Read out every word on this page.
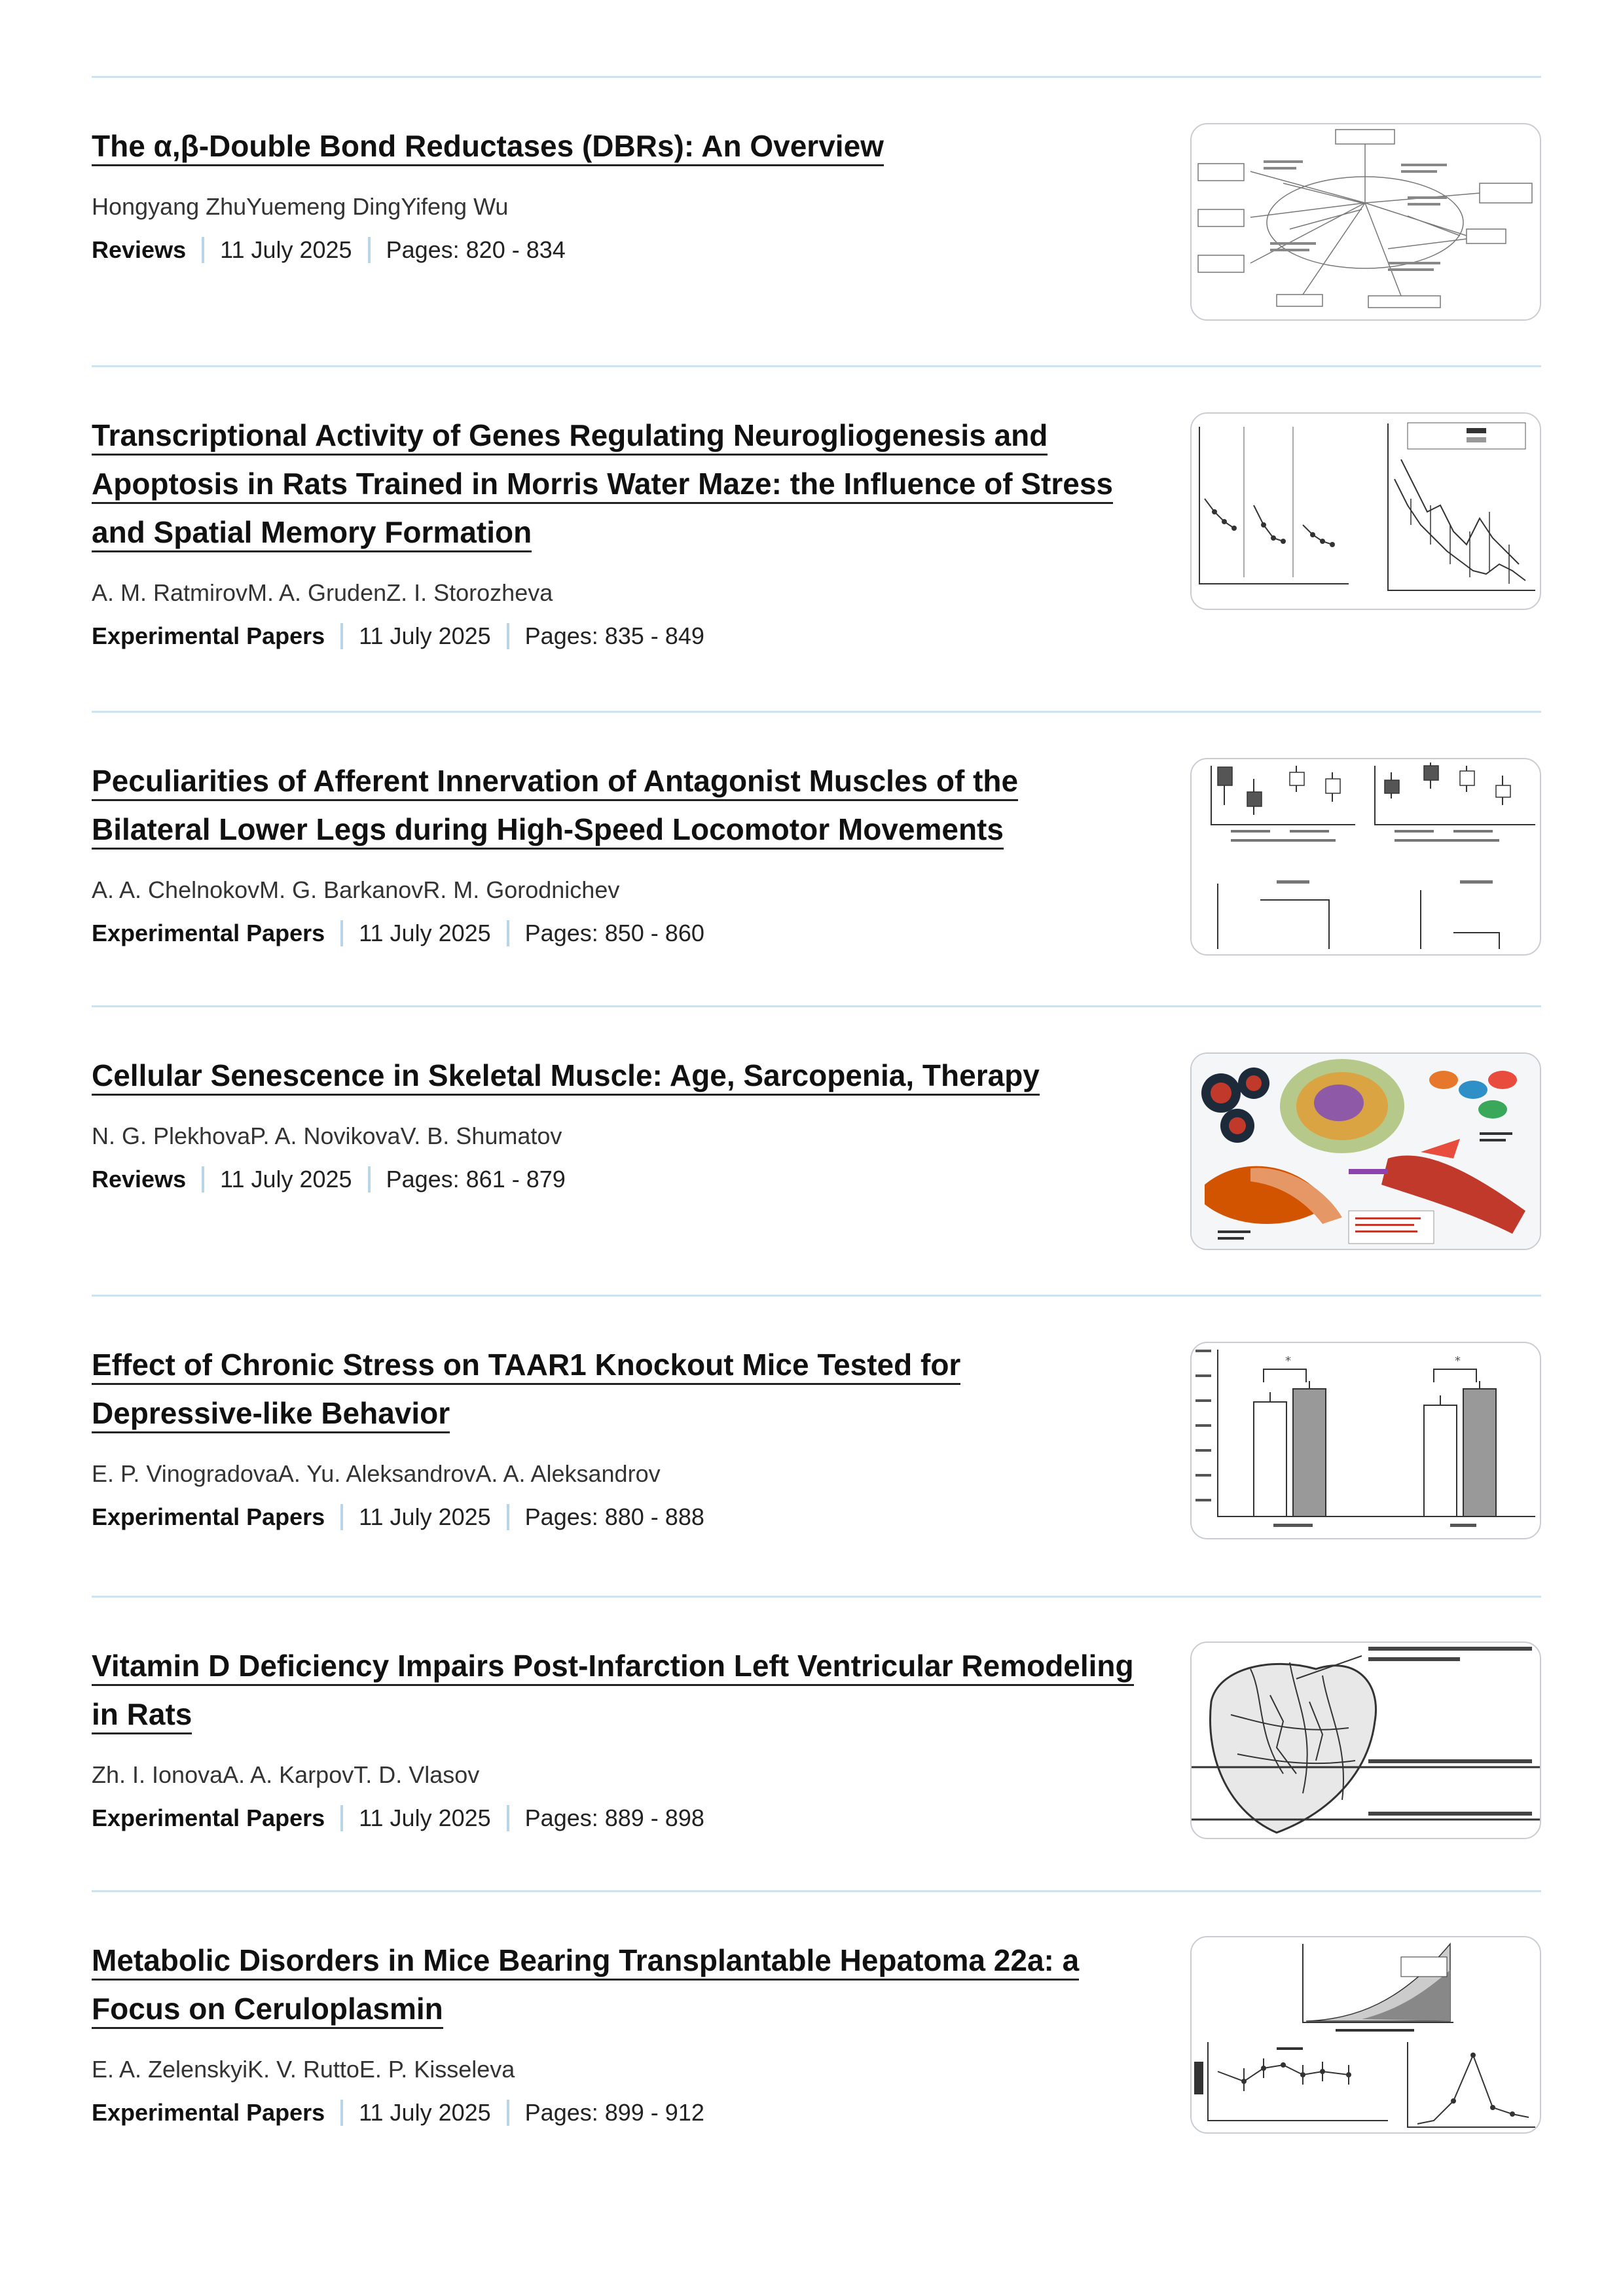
The α,β-Double Bond Reductases (DBRs): An Overview
Hongyang ZhuYuemeng DingYifeng Wu
Reviews 11 July 2025 Pages: 820 - 834
Transcriptional Activity of Genes Regulating Neurogliogenesis and Apoptosis in Rats Trained in Morris Water Maze: the Influence of Stress and Spatial Memory Formation
A. M. RatmirovM. A. GrudenZ. I. Storozheva
Experimental Papers 11 July 2025 Pages: 835 - 849
Peculiarities of Afferent Innervation of Antagonist Muscles of the Bilateral Lower Legs during High-Speed Locomotor Movements
A. A. ChelnokovM. G. BarkanovR. M. Gorodnichev
Experimental Papers 11 July 2025 Pages: 850 - 860
Cellular Senescence in Skeletal Muscle: Age, Sarcopenia, Therapy
N. G. PlekhovaP. A. NovikovaV. B. Shumatov
Reviews 11 July 2025 Pages: 861 - 879
Effect of Chronic Stress on TAAR1 Knockout Mice Tested for Depressive-like Behavior
E. P. VinogradovaA. Yu. AleksandrovA. A. Aleksandrov
Experimental Papers 11 July 2025 Pages: 880 - 888
*	*
Vitamin D Deficiency Impairs Post-Infarction Left Ventricular Remodeling in Rats
Zh. I. IonovaA. A. KarpovT. D. Vlasov
Experimental Papers 11 July 2025 Pages: 889 - 898
Metabolic Disorders in Mice Bearing Transplantable Hepatoma 22a: a Focus on Ceruloplasmin
E. A. ZelenskyiK. V. RuttoE. P. Kisseleva
Experimental Papers 11 July 2025 Pages: 899 - 912
